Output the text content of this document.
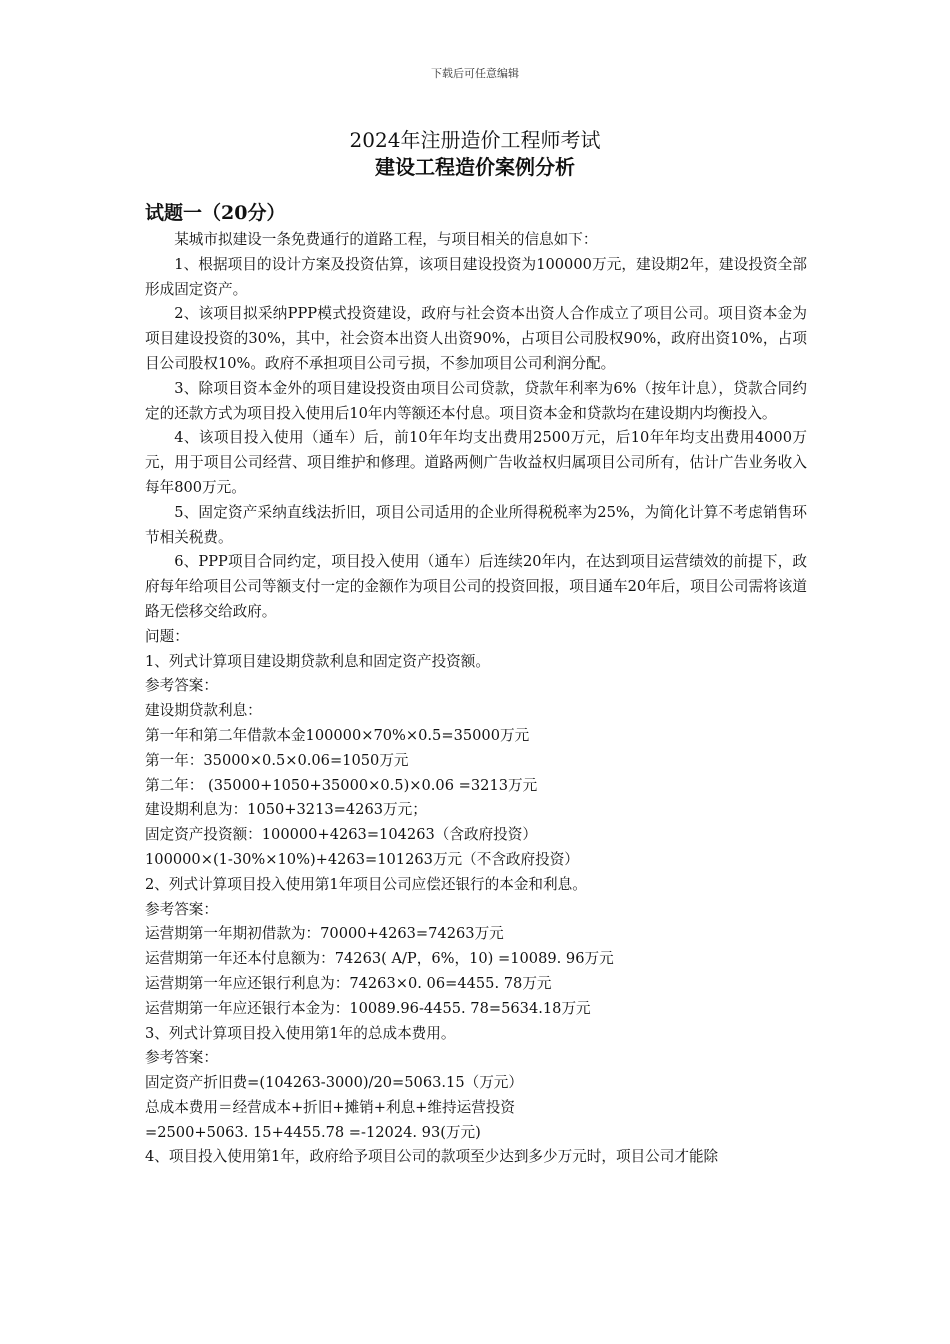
下载后可任意编辑
2024年注册造价工程师考试
建设工程造价案例分析
试题一（20分）

某城市拟建设一条免费通行的道路工程，与项目相关的信息如下：

1、根据项目的设计方案及投资估算，该项目建设投资为100000万元，建设期2年，建设投资全部形成固定资产。

2、该项目拟采纳PPP模式投资建设，政府与社会资本出资人合作成立了项目公司。项目资本金为项目建设投资的30%，其中，社会资本出资人出资90%，占项目公司股权90%，政府出资10%，占项目公司股权10%。政府不承担项目公司亏损，不参加项目公司利润分配。

3、除项目资本金外的项目建设投资由项目公司贷款，贷款年利率为6%（按年计息），贷款合同约定的还款方式为项目投入使用后10年内等额还本付息。项目资本金和贷款均在建设期内均衡投入。

4、该项目投入使用（通车）后，前10年年均支出费用2500万元，后10年年均支出费用4000万元，用于项目公司经营、项目维护和修理。道路两侧广告收益权归属项目公司所有，估计广告业务收入每年800万元。

5、固定资产采纳直线法折旧，项目公司适用的企业所得税税率为25%，为简化计算不考虑销售环节相关税费。

6、PPP项目合同约定，项目投入使用（通车）后连续20年内，在达到项目运营绩效的前提下，政府每年给项目公司等额支付一定的金额作为项目公司的投资回报，项目通车20年后，项目公司需将该道路无偿移交给政府。

问题：

1、列式计算项目建设期贷款利息和固定资产投资额。

参考答案：

建设期贷款利息：

第一年和第二年借款本金100000×70%×0.5=35000万元

第一年：35000×0.5×0.06=1050万元

第二年： (35000+1050+35000×0.5)×0.06 =3213万元

建设期利息为：1050+3213=4263万元；

固定资产投资额：100000+4263=104263（含政府投资）

100000×(1-30%×10%)+4263=101263万元（不含政府投资）

2、列式计算项目投入使用第1年项目公司应偿还银行的本金和利息。

参考答案：

运营期第一年期初借款为：70000+4263=74263万元

运营期第一年还本付息额为：74263( A/P，6%，10) =10089. 96万元

运营期第一年应还银行利息为：74263×0. 06=4455. 78万元

运营期第一年应还银行本金为：10089.96-4455. 78=5634.18万元

3、列式计算项目投入使用第1年的总成本费用。

参考答案：

固定资产折旧费=(104263-3000)/20=5063.15（万元）

总成本费用＝经营成本+折旧+摊销+利息+维持运营投资

=2500+5063. 15+4455.78 =-12024. 93(万元)

4、项目投入使用第1年，政府给予项目公司的款项至少达到多少万元时，项目公司才能除
